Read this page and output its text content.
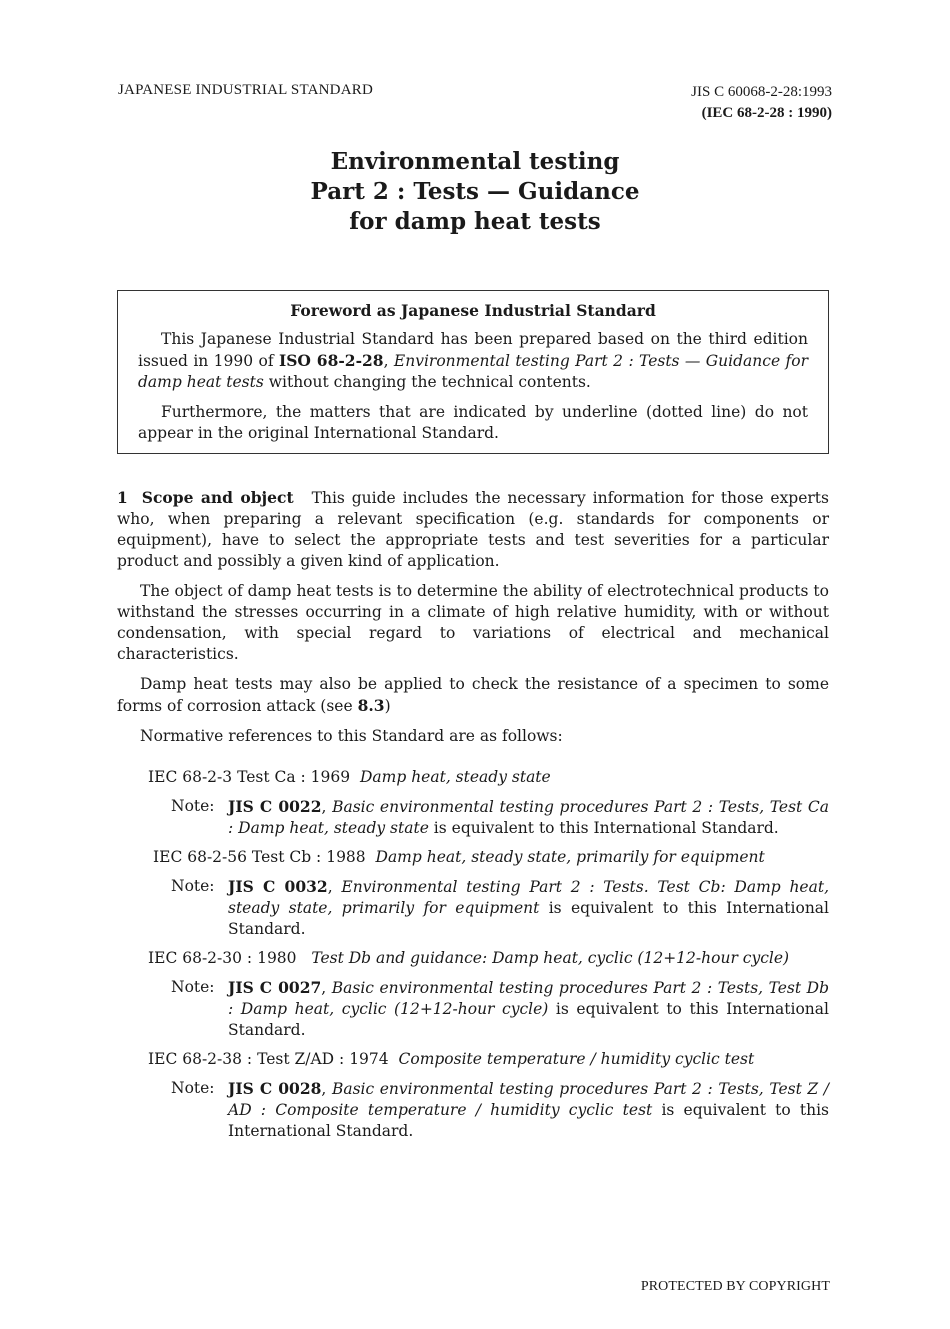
JAPANESE INDUSTRIAL STANDARD	JIS C 60068-2-28:1993
(IEC 68-2-28 : 1990)
Environmental testing
Part 2 : Tests — Guidance
for damp heat tests
Foreword as Japanese Industrial Standard

This Japanese Industrial Standard has been prepared based on the third edition issued in 1990 of ISO 68-2-28, Environmental testing Part 2 : Tests — Guidance for damp heat tests without changing the technical contents.

Furthermore, the matters that are indicated by underline (dotted line) do not appear in the original International Standard.

1 Scope and object This guide includes the necessary information for those experts who, when preparing a relevant specification (e.g. standards for components or equipment), have to select the appropriate tests and test severities for a particular product and possibly a given kind of application.

The object of damp heat tests is to determine the ability of electrotechnical products to withstand the stresses occurring in a climate of high relative humidity, with or without condensation, with special regard to variations of electrical and mechanical characteristics.

Damp heat tests may also be applied to check the resistance of a specimen to some forms of corrosion attack (see 8.3)

Normative references to this Standard are as follows:

IEC 68-2-3 Test Ca : 1969 Damp heat, steady state
Note: JIS C 0022, Basic environmental testing procedures Part 2 : Tests, Test Ca : Damp heat, steady state is equivalent to this International Standard.
IEC 68-2-56 Test Cb : 1988 Damp heat, steady state, primarily for equipment
Note: JIS C 0032, Environmental testing Part 2 : Tests. Test Cb: Damp heat, steady state, primarily for equipment is equivalent to this International Standard.
IEC 68-2-30 : 1980 Test Db and guidance: Damp heat, cyclic (12+12-hour cycle)
Note: JIS C 0027, Basic environmental testing procedures Part 2 : Tests, Test Db : Damp heat, cyclic (12+12-hour cycle) is equivalent to this International Standard.
IEC 68-2-38 : Test Z/AD : 1974 Composite temperature / humidity cyclic test
Note: JIS C 0028, Basic environmental testing procedures Part 2 : Tests, Test Z / AD : Composite temperature / humidity cyclic test is equivalent to this International Standard.
PROTECTED BY COPYRIGHT
